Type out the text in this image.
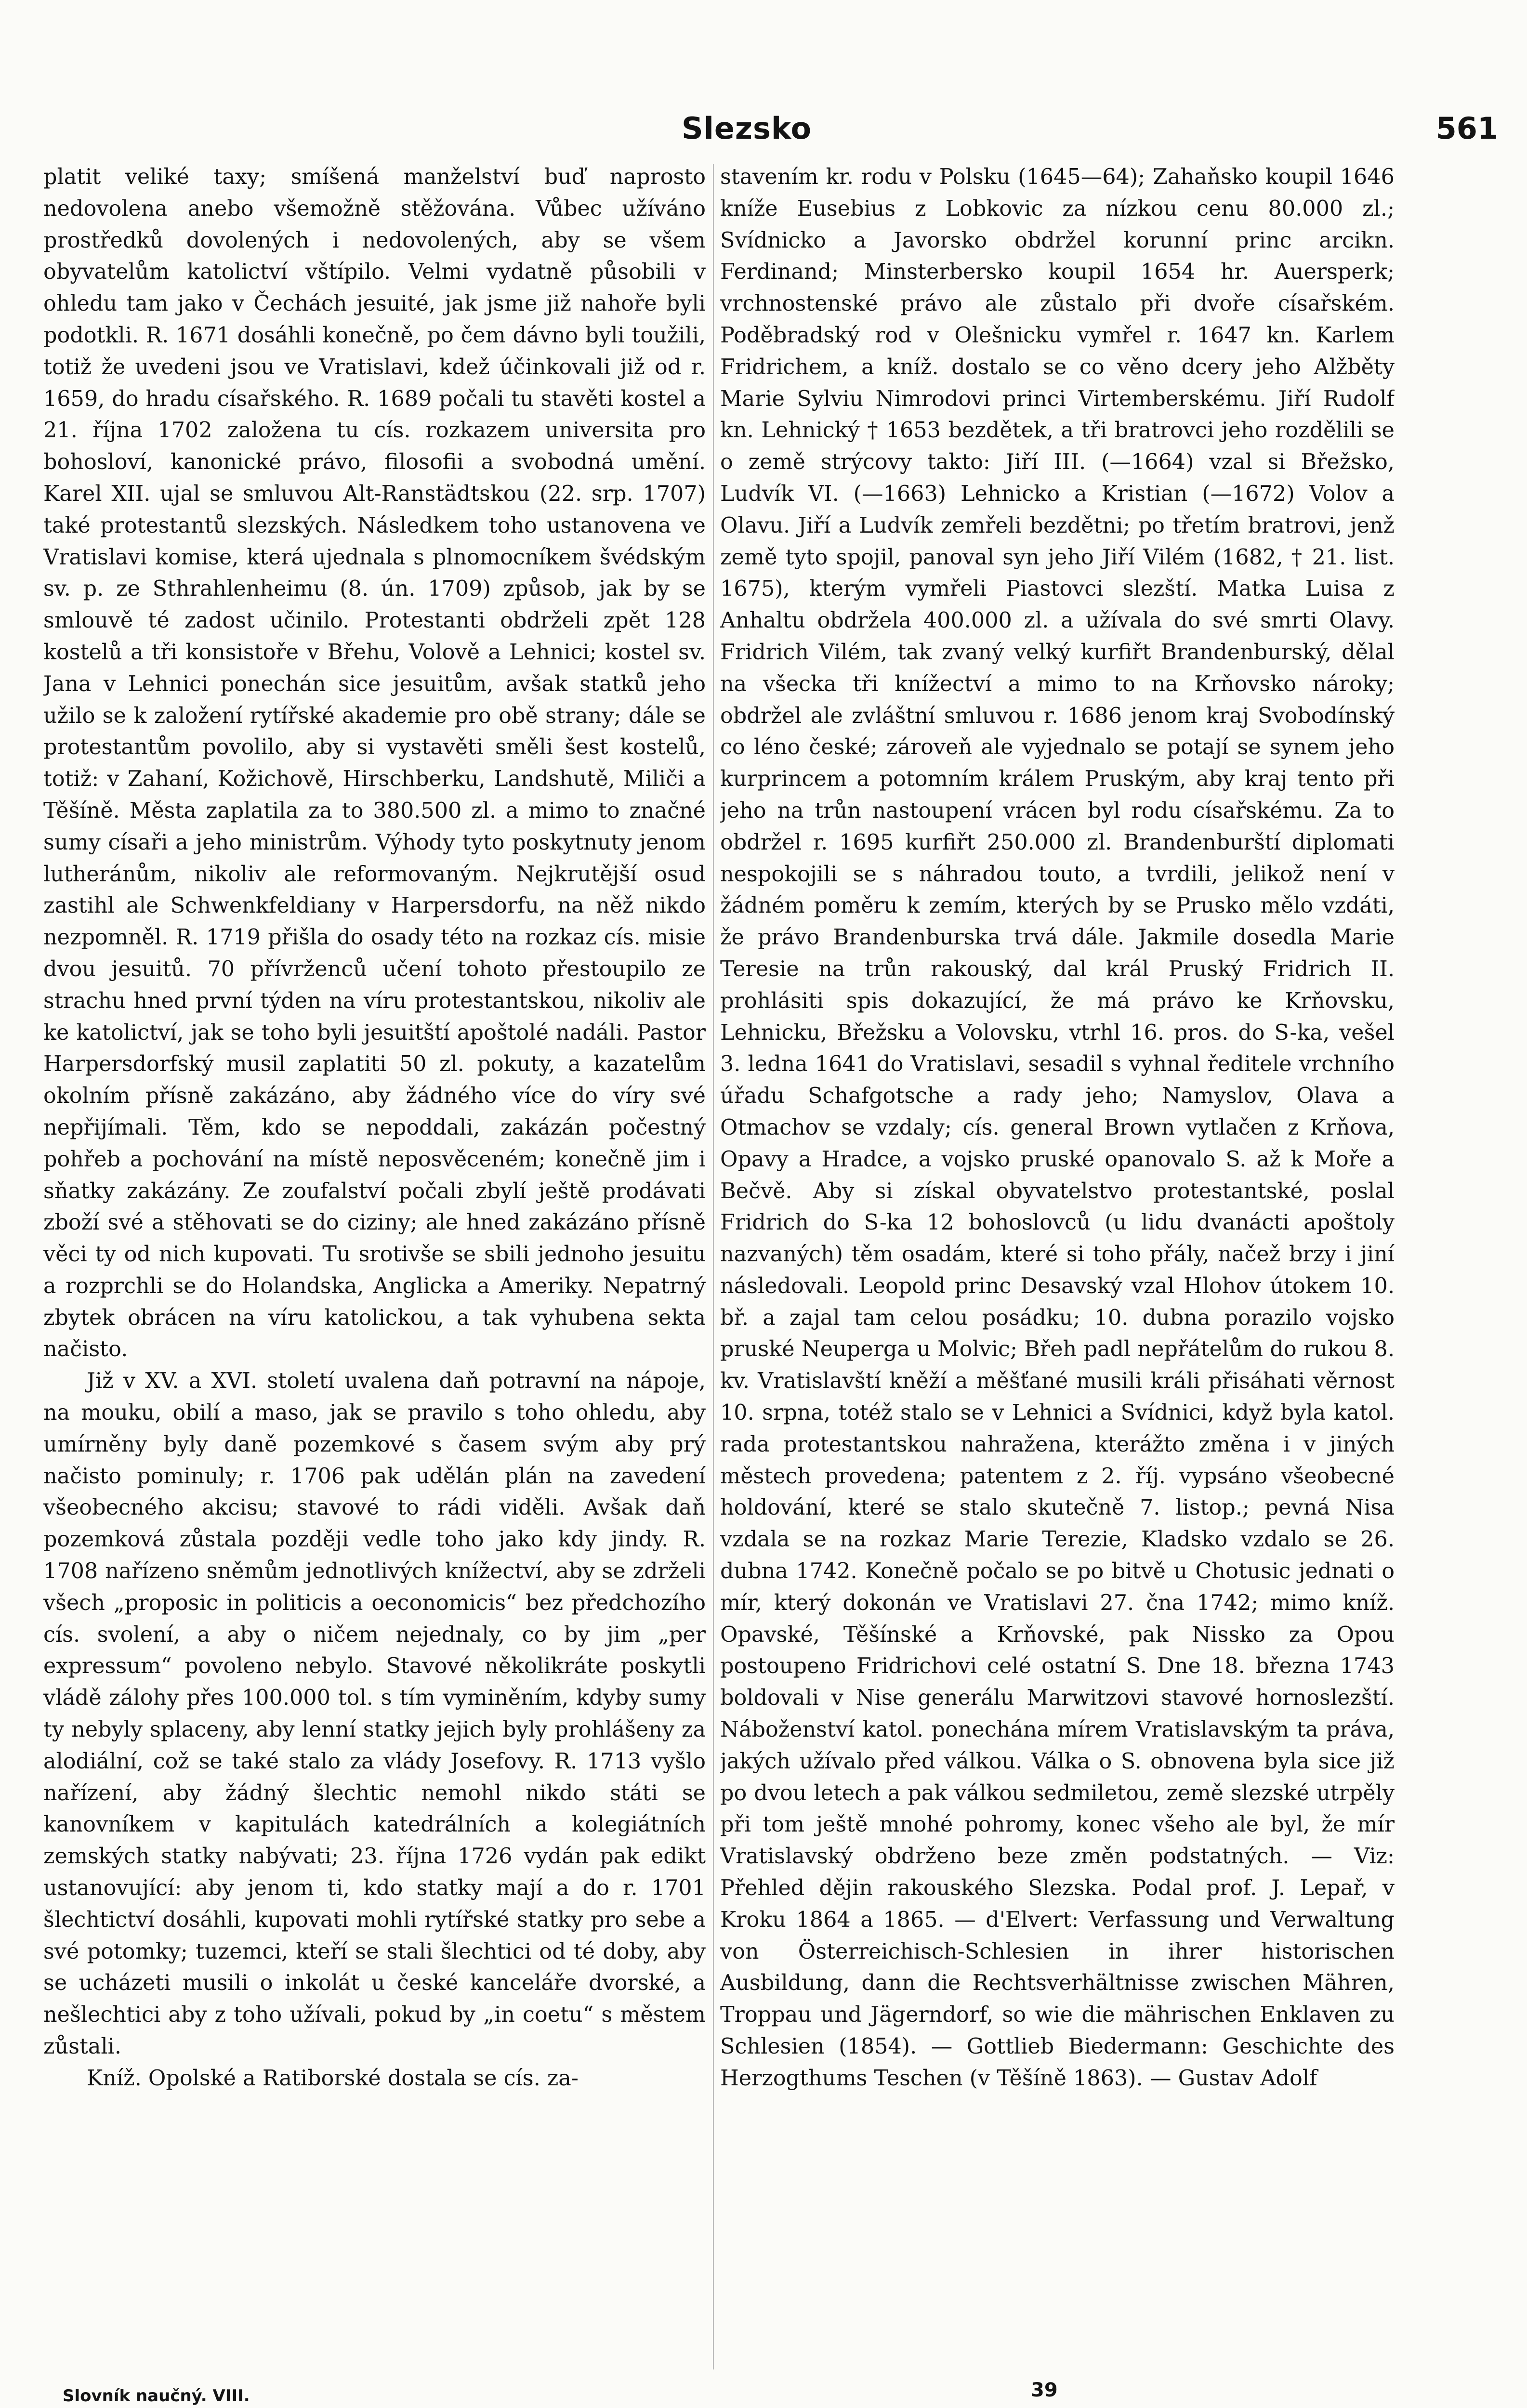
Slezsko	561

platit veliké taxy; smíšená manželství buď naprosto nedovolena anebo všemožně stěžována. Vůbec užíváno prostředků dovolených i nedovolených, aby se všem obyvatelům katolictví vštípilo. Velmi vydatně působili v ohledu tam jako v Čechách jesuité, jak jsme již nahoře byli podotkli. R. 1671 dosáhli konečně, po čem dávno byli toužili, totiž že uvedeni jsou ve Vratislavi, kdež účinkovali již od r. 1659, do hradu císařského. R. 1689 počali tu stavěti kostel a 21. října 1702 založena tu cís. rozkazem universita pro bohosloví, kanonické právo, filosofii a svobodná umění. Karel XII. ujal se smluvou Alt-Ranstädtskou (22. srp. 1707) také protestantů slezských. Následkem toho ustanovena ve Vratislavi komise, která ujednala s plnomocníkem švédským sv. p. ze Sthrahlenheimu (8. ún. 1709) způsob, jak by se smlouvě té zadost učinilo. Protestanti obdrželi zpět 128 kostelů a tři konsistoře v Břehu, Volově a Lehnici; kostel sv. Jana v Lehnici ponechán sice jesuitům, avšak statků jeho užilo se k založení rytířské akademie pro obě strany; dále se protestantům povolilo, aby si vystavěti směli šest kostelů, totiž: v Zahaní, Kožichově, Hirschberku, Landshutě, Miliči a Těšíně. Města zaplatila za to 380.500 zl. a mimo to značné sumy císaři a jeho ministrům. Výhody tyto poskytnuty jenom lutheránům, nikoliv ale reformovaným. Nejkrutější osud zastihl ale Schwenkfeldiany v Harpersdorfu, na něž nikdo nezpomněl. R. 1719 přišla do osady této na rozkaz cís. misie dvou jesuitů. 70 přívrženců učení tohoto přestoupilo ze strachu hned první týden na víru protestantskou, nikoliv ale ke katolictví, jak se toho byli jesuitští apoštolé nadáli. Pastor Harpersdorfský musil zaplatiti 50 zl. pokuty, a kazatelům okolním přísně zakázáno, aby žádného více do víry své nepřijímali. Těm, kdo se nepoddali, zakázán počestný pohřeb a pochování na místě neposvěceném; konečně jim i sňatky zakázány. Ze zoufalství počali zbylí ještě prodávati zboží své a stěhovati se do ciziny; ale hned zakázáno přísně věci ty od nich kupovati. Tu srotivše se sbili jednoho jesuitu a rozprchli se do Holandska, Anglicka a Ameriky. Nepatrný zbytek obrácen na víru katolickou, a tak vyhubena sekta načisto.

Již v XV. a XVI. století uvalena daň potravní na nápoje, na mouku, obilí a maso, jak se pravilo s toho ohledu, aby umírněny byly daně pozemkové s časem svým aby prý načisto pominuly; r. 1706 pak udělán plán na zavedení všeobecného akcisu; stavové to rádi viděli. Avšak daň pozemková zůstala později vedle toho jako kdy jindy. R. 1708 nařízeno sněmům jednotlivých knížectví, aby se zdrželi všech „proposic in politicis a oeconomicis“ bez předchozího cís. svolení, a aby o ničem nejednaly, co by jim „per expressum“ povoleno nebylo. Stavové několikráte poskytli vládě zálohy přes 100.000 tol. s tím vyminěním, kdyby sumy ty nebyly splaceny, aby lenní statky jejich byly prohlášeny za alodiální, což se také stalo za vlády Josefovy. R. 1713 vyšlo nařízení, aby žádný šlechtic nemohl nikdo státi se kanovníkem v kapitulách katedrálních a kolegiátních zemských statky nabývati; 23. října 1726 vydán pak edikt ustanovující: aby jenom ti, kdo statky mají a do r. 1701 šlechtictví dosáhli, kupovati mohli rytířské statky pro sebe a své potomky; tuzemci, kteří se stali šlechtici od té doby, aby se ucházeti musili o inkolát u české kanceláře dvorské, a nešlechtici aby z toho užívali, pokud by „in coetu“ s městem zůstali.

Kníž. Opolské a Ratiborské dostala se cís. za-

stavením kr. rodu v Polsku (1645—64); Zahaňsko koupil 1646 kníže Eusebius z Lobkovic za nízkou cenu 80.000 zl.; Svídnicko a Javorsko obdržel korunní princ arcikn. Ferdinand; Minsterbersko koupil 1654 hr. Auersperk; vrchnostenské právo ale zůstalo při dvoře císařském. Poděbradský rod v Olešnicku vymřel r. 1647 kn. Karlem Fridrichem, a kníž. dostalo se co věno dcery jeho Alžběty Marie Sylviu Nimrodovi princi Virtemberskému. Jiří Rudolf kn. Lehnický † 1653 bezdětek, a tři bratrovci jeho rozdělili se o země strýcovy takto: Jiří III. (—1664) vzal si Břežsko, Ludvík VI. (—1663) Lehnicko a Kristian (—1672) Volov a Olavu. Jiří a Ludvík zemřeli bezdětni; po třetím bratrovi, jenž země tyto spojil, panoval syn jeho Jiří Vilém (1682, † 21. list. 1675), kterým vymřeli Piastovci slezští. Matka Luisa z Anhaltu obdržela 400.000 zl. a užívala do své smrti Olavy. Fridrich Vilém, tak zvaný velký kurfiřt Brandenburský, dělal na všecka tři knížectví a mimo to na Krňovsko nároky; obdržel ale zvláštní smluvou r. 1686 jenom kraj Svobodínský co léno české; zároveň ale vyjednalo se potají se synem jeho kurprincem a potomním králem Pruským, aby kraj tento při jeho na trůn nastoupení vrácen byl rodu císařskému. Za to obdržel r. 1695 kurfiřt 250.000 zl. Brandenburští diplomati nespokojili se s náhradou touto, a tvrdili, jelikož není v žádném poměru k zemím, kterých by se Prusko mělo vzdáti, že právo Brandenburska trvá dále. Jakmile dosedla Marie Teresie na trůn rakouský, dal král Pruský Fridrich II. prohlásiti spis dokazující, že má právo ke Krňovsku, Lehnicku, Břežsku a Volovsku, vtrhl 16. pros. do S-ka, vešel 3. ledna 1641 do Vratislavi, sesadil s vyhnal ředitele vrchního úřadu Schafgotsche a rady jeho; Namyslov, Olava a Otmachov se vzdaly; cís. general Brown vytlačen z Krňova, Opavy a Hradce, a vojsko pruské opanovalo S. až k Moře a Bečvě. Aby si získal obyvatelstvo protestantské, poslal Fridrich do S-ka 12 bohoslovců (u lidu dvanácti apoštoly nazvaných) těm osadám, které si toho přály, načež brzy i jiní následovali. Leopold princ Desavský vzal Hlohov útokem 10. bř. a zajal tam celou posádku; 10. dubna porazilo vojsko pruské Neuperga u Molvic; Břeh padl nepřátelům do rukou 8. kv. Vratislavští kněží a měšťané musili králi přisáhati věrnost 10. srpna, totéž stalo se v Lehnici a Svídnici, když byla katol. rada protestantskou nahražena, kterážto změna i v jiných městech provedena; patentem z 2. říj. vypsáno všeobecné holdování, které se stalo skutečně 7. listop.; pevná Nisa vzdala se na rozkaz Marie Terezie, Kladsko vzdalo se 26. dubna 1742. Konečně počalo se po bitvě u Chotusic jednati o mír, který dokonán ve Vratislavi 27. čna 1742; mimo kníž. Opavské, Těšínské a Krňovské, pak Nissko za Opou postoupeno Fridrichovi celé ostatní S. Dne 18. března 1743 boldovali v Nise generálu Marwitzovi stavové hornoslezští. Náboženství katol. ponechána mírem Vratislavským ta práva, jakých užívalo před válkou. Válka o S. obnovena byla sice již po dvou letech a pak válkou sedmiletou, země slezské utrpěly při tom ještě mnohé pohromy, konec všeho ale byl, že mír Vratislavský obdrženo beze změn podstatných. — Viz: Přehled dějin rakouského Slezska. Podal prof. J. Lepař, v Kroku 1864 a 1865. — d'Elvert: Verfassung und Verwaltung von Österreichisch-Schlesien in ihrer historischen Ausbildung, dann die Rechtsverhältnisse zwischen Mähren, Troppau und Jägerndorf, so wie die mährischen Enklaven zu Schlesien (1854). — Gottlieb Biedermann: Geschichte des Herzogthums Teschen (v Těšíně 1863). — Gustav Adolf

Slovník naučný. VIII.	39
